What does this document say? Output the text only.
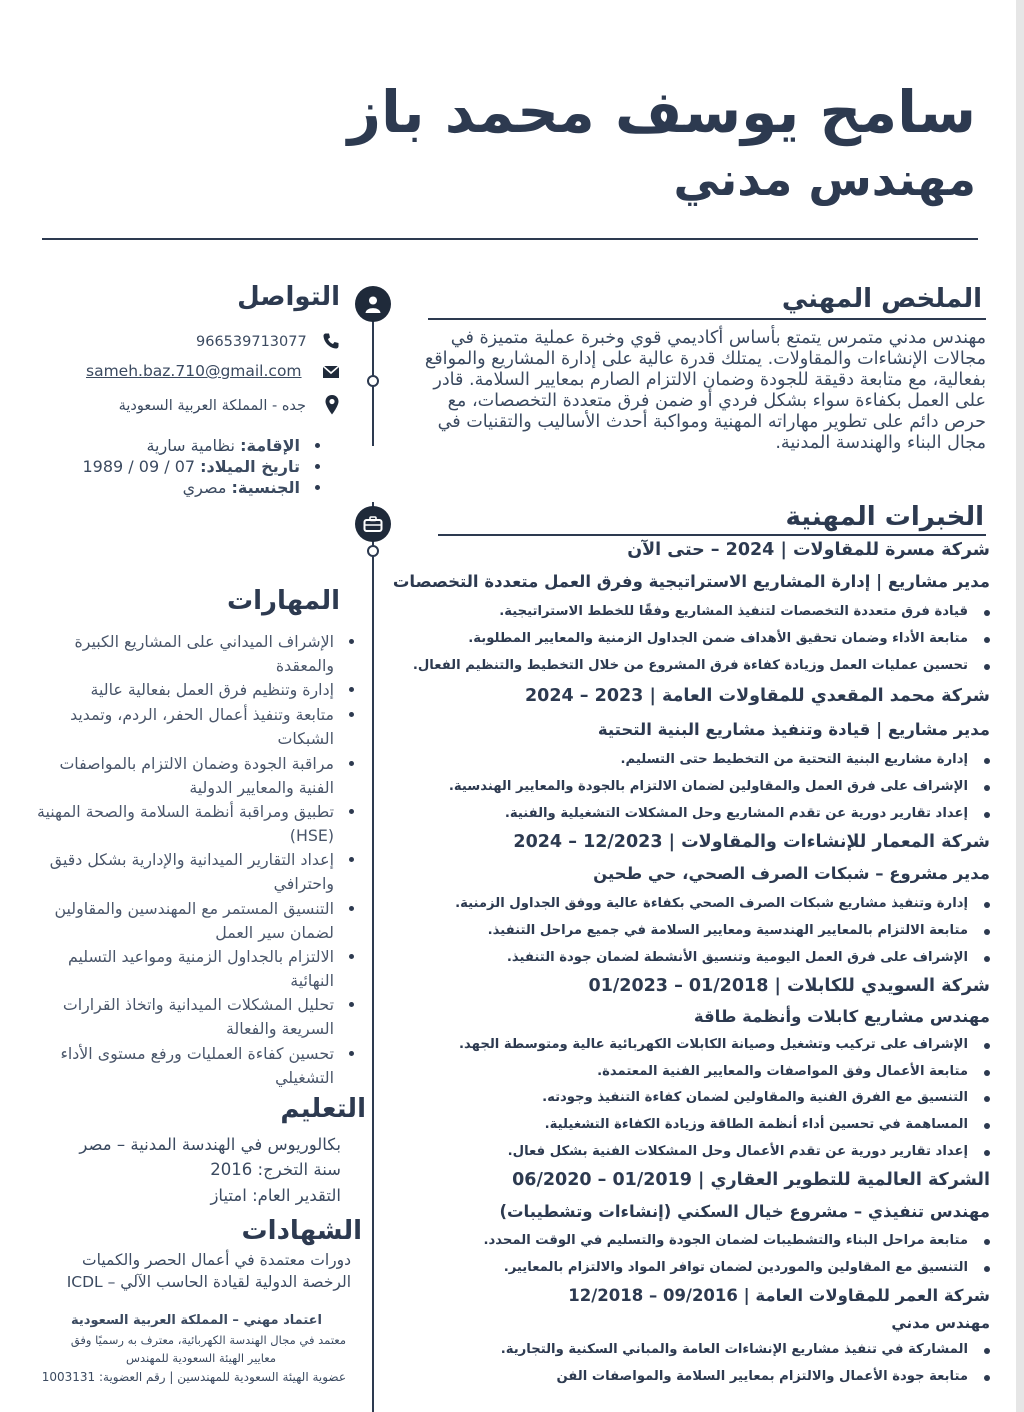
سامح يوسف محمد باز
مهندس مدني
الملخص المهني
مهندس مدني متمرس يتمتع بأساس أكاديمي قوي وخبرة عملية متميزة في مجالات الإنشاءات والمقاولات. يمتلك قدرة عالية على إدارة المشاريع والمواقع بفعالية، مع متابعة دقيقة للجودة وضمان الالتزام الصارم بمعايير السلامة. قادر على العمل بكفاءة سواء بشكل فردي أو ضمن فرق متعددة التخصصات، مع حرص دائم على تطوير مهاراته المهنية ومواكبة أحدث الأساليب والتقنيات في مجال البناء والهندسة المدنية.
الخبرات المهنية
شركة مسرة للمقاولات | 2024 – حتى الآن
مدير مشاريع | إدارة المشاريع الاستراتيجية وفرق العمل متعددة التخصصات
قيادة فرق متعددة التخصصات لتنفيذ المشاريع وفقًا للخطط الاستراتيجية.
متابعة الأداء وضمان تحقيق الأهداف ضمن الجداول الزمنية والمعايير المطلوبة.
تحسين عمليات العمل وزيادة كفاءة فرق المشروع من خلال التخطيط والتنظيم الفعال.
شركة محمد المقعدي للمقاولات العامة | 2023 – 2024
مدير مشاريع | قيادة وتنفيذ مشاريع البنية التحتية
إدارة مشاريع البنية التحتية من التخطيط حتى التسليم.
الإشراف على فرق العمل والمقاولين لضمان الالتزام بالجودة والمعايير الهندسية.
إعداد تقارير دورية عن تقدم المشاريع وحل المشكلات التشغيلية والفنية.
شركة المعمار للإنشاءات والمقاولات | 12/2023 – 2024
مدير مشروع – شبكات الصرف الصحي، حي طحين
إدارة وتنفيذ مشاريع شبكات الصرف الصحي بكفاءة عالية ووفق الجداول الزمنية.
متابعة الالتزام بالمعايير الهندسية ومعايير السلامة في جميع مراحل التنفيذ.
الإشراف على فرق العمل اليومية وتنسيق الأنشطة لضمان جودة التنفيذ.
شركة السويدي للكابلات | 01/2018 – 01/2023
مهندس مشاريع كابلات وأنظمة طاقة
الإشراف على تركيب وتشغيل وصيانة الكابلات الكهربائية عالية ومتوسطة الجهد.
متابعة الأعمال وفق المواصفات والمعايير الفنية المعتمدة.
التنسيق مع الفرق الفنية والمقاولين لضمان كفاءة التنفيذ وجودته.
المساهمة في تحسين أداء أنظمة الطاقة وزيادة الكفاءة التشغيلية.
إعداد تقارير دورية عن تقدم الأعمال وحل المشكلات الفنية بشكل فعال.
الشركة العالمية للتطوير العقاري | 01/2019 – 06/2020
مهندس تنفيذي – مشروع خيال السكني (إنشاءات وتشطيبات)
متابعة مراحل البناء والتشطيبات لضمان الجودة والتسليم في الوقت المحدد.
التنسيق مع المقاولين والموردين لضمان توافر المواد والالتزام بالمعايير.
شركة العمر للمقاولات العامة | 09/2016 – 12/2018
مهندس مدني
المشاركة في تنفيذ مشاريع الإنشاءات العامة والمباني السكنية والتجارية.
متابعة جودة الأعمال والالتزام بمعايير السلامة والمواصفات الفن
التواصل
966539713077
sameh.baz.710@gmail.com
جده - المملكة العربية السعودية
الإقامة: نظامية سارية
تاريخ الميلاد: 07 / 09 / 1989
الجنسية: مصري
المهارات
الإشراف الميداني على المشاريع الكبيرة والمعقدة
إدارة وتنظيم فرق العمل بفعالية عالية
متابعة وتنفيذ أعمال الحفر، الردم، وتمديد الشبكات
مراقبة الجودة وضمان الالتزام بالمواصفات الفنية والمعايير الدولية
تطبيق ومراقبة أنظمة السلامة والصحة المهنية (HSE)
إعداد التقارير الميدانية والإدارية بشكل دقيق واحترافي
التنسيق المستمر مع المهندسين والمقاولين لضمان سير العمل
الالتزام بالجداول الزمنية ومواعيد التسليم النهائية
تحليل المشكلات الميدانية واتخاذ القرارات السريعة والفعالة
تحسين كفاءة العمليات ورفع مستوى الأداء التشغيلي
التعليم
بكالوريوس في الهندسة المدنية – مصر
سنة التخرج: 2016
التقدير العام: امتياز
الشهادات
دورات معتمدة في أعمال الحصر والكميات
الرخصة الدولية لقيادة الحاسب الآلي – ICDL
اعتماد مهني – المملكة العربية السعودية
معتمد في مجال الهندسة الكهربائية، معترف به رسميًا وفق
معايير الهيئة السعودية للمهندس
عضوية الهيئة السعودية للمهندسين | رقم العضوية: 1003131
